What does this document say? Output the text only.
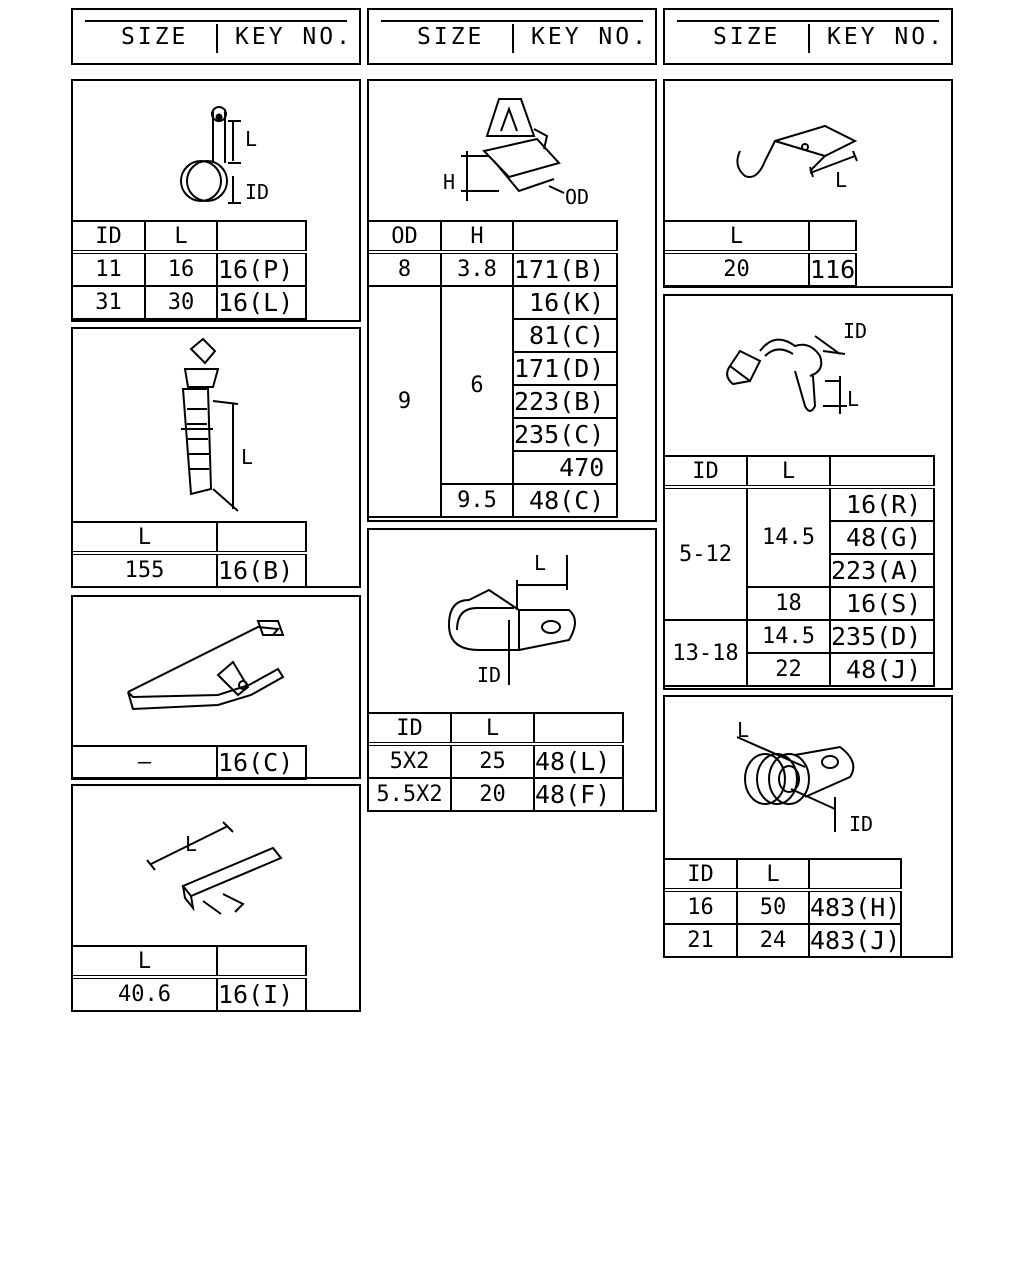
SIZE KEY NO.	SIZE KEY NO.	SIZE KEY NO.
L
ID
ID	L	
11	16	16(P)
31	30	16(L)
L
L	
155	16(B)
—	16(C)
L
L	
40.6	16(I)
H
OD
OD	H	
8	3.8	171(B)
9	6	16(K)
		81(C)
		171(D)
		223(B)
		235(C)
		470
	9.5	48(C)
L
ID
ID	L	
5X2	25	48(L)
5.5X2	20	48(F)
L
L	
20	116
ID
L
ID	L	
5-12	14.5	16(R)
		48(G)
		223(A)
	18	16(S)
13-18	14.5	235(D)
	22	48(J)
L
ID
ID	L	
16	50	483(H)
21	24	483(J)
